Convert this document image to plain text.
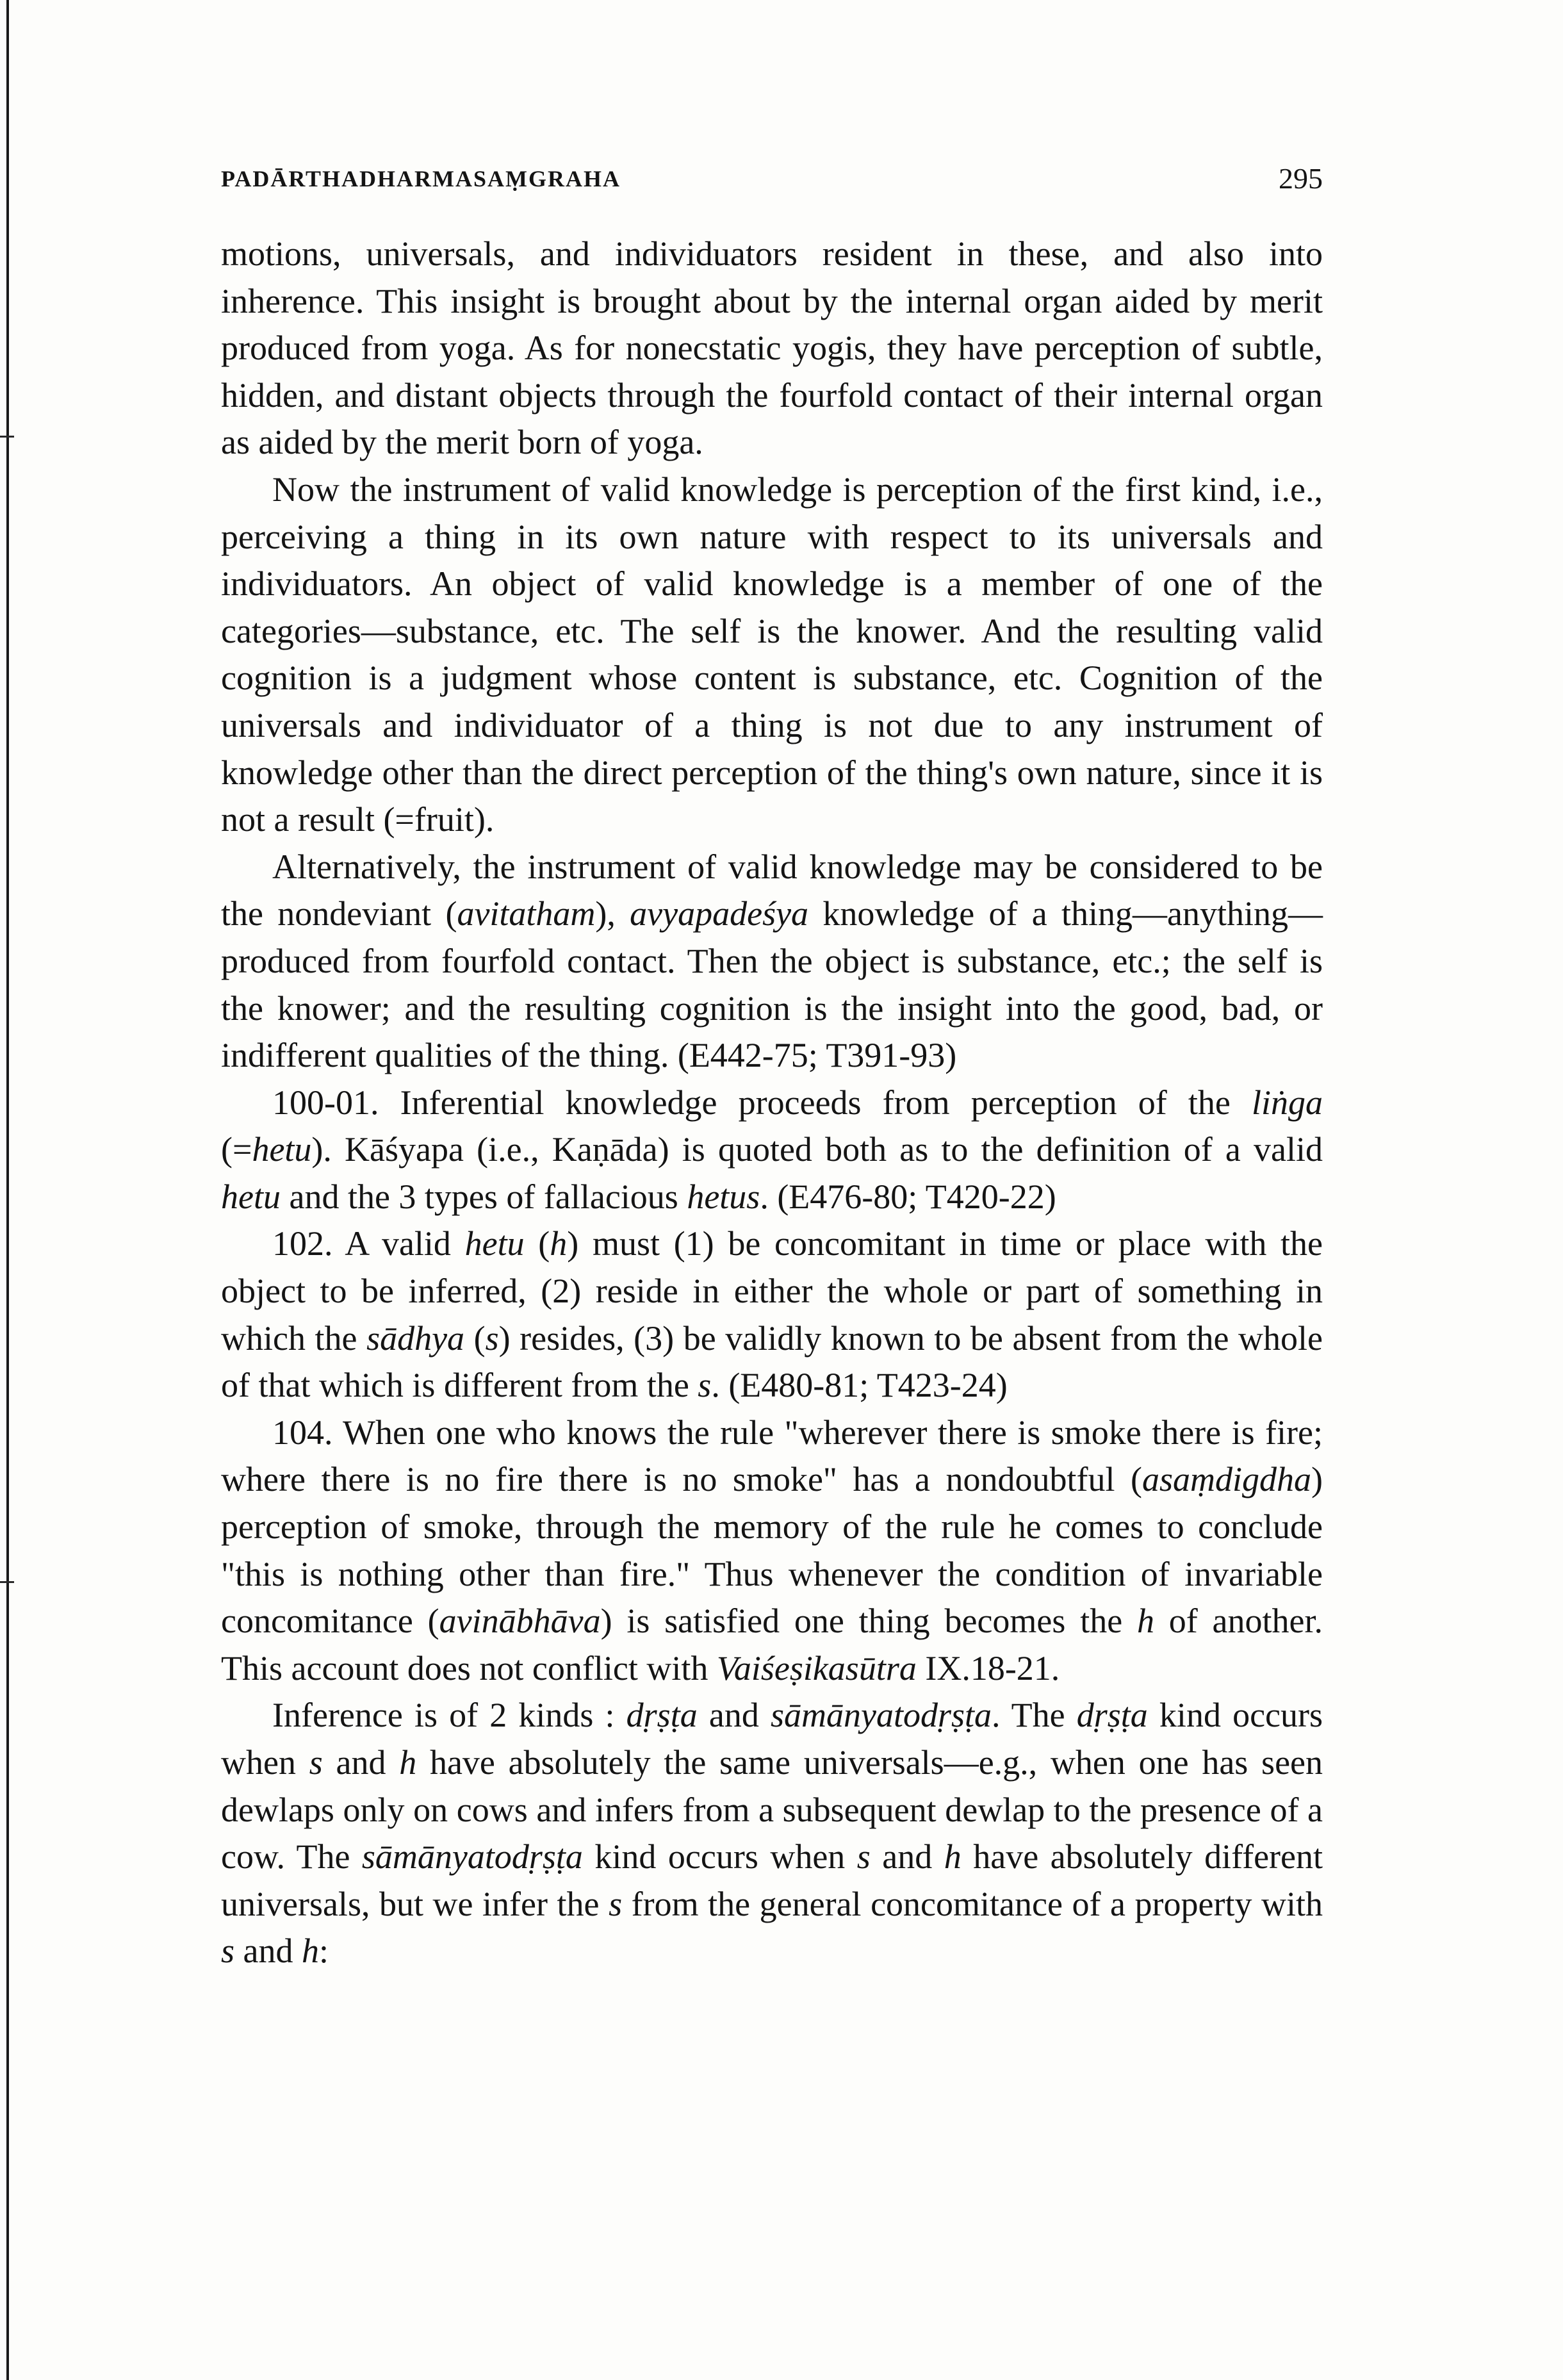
PADĀRTHADHARMASAṂGRAHA	295

motions, universals, and individuators resident in these, and also into inherence. This insight is brought about by the internal organ aided by merit produced from yoga. As for nonecstatic yogis, they have perception of subtle, hidden, and distant objects through the fourfold contact of their internal organ as aided by the merit born of yoga.

Now the instrument of valid knowledge is perception of the first kind, i.e., perceiving a thing in its own nature with respect to its universals and individuators. An object of valid knowledge is a member of one of the categories—substance, etc. The self is the knower. And the resulting valid cognition is a judgment whose content is substance, etc. Cognition of the universals and individuator of a thing is not due to any instrument of knowledge other than the direct perception of the thing's own nature, since it is not a result (=fruit).

Alternatively, the instrument of valid knowledge may be considered to be the nondeviant (avitatham), avyapadeśya knowledge of a thing—anything—produced from fourfold contact. Then the object is substance, etc.; the self is the knower; and the resulting cognition is the insight into the good, bad, or indifferent qualities of the thing. (E442-75; T391-93)

100-01. Inferential knowledge proceeds from perception of the liṅga (=hetu). Kāśyapa (i.e., Kaṇāda) is quoted both as to the definition of a valid hetu and the 3 types of fallacious hetus. (E476-80; T420-22)

102. A valid hetu (h) must (1) be concomitant in time or place with the object to be inferred, (2) reside in either the whole or part of something in which the sādhya (s) resides, (3) be validly known to be absent from the whole of that which is different from the s. (E480-81; T423-24)

104. When one who knows the rule "wherever there is smoke there is fire; where there is no fire there is no smoke" has a nondoubtful (asaṃdigdha) perception of smoke, through the memory of the rule he comes to conclude "this is nothing other than fire." Thus whenever the condition of invariable concomitance (avinābhāva) is satisfied one thing becomes the h of another. This account does not conflict with Vaiśeṣikasūtra IX.18-21.

Inference is of 2 kinds : dṛṣṭa and sāmānyatodṛṣṭa. The dṛṣṭa kind occurs when s and h have absolutely the same universals—e.g., when one has seen dewlaps only on cows and infers from a subsequent dewlap to the presence of a cow. The sāmānyatodṛṣṭa kind occurs when s and h have absolutely different universals, but we infer the s from the general concomitance of a property with s and h:
